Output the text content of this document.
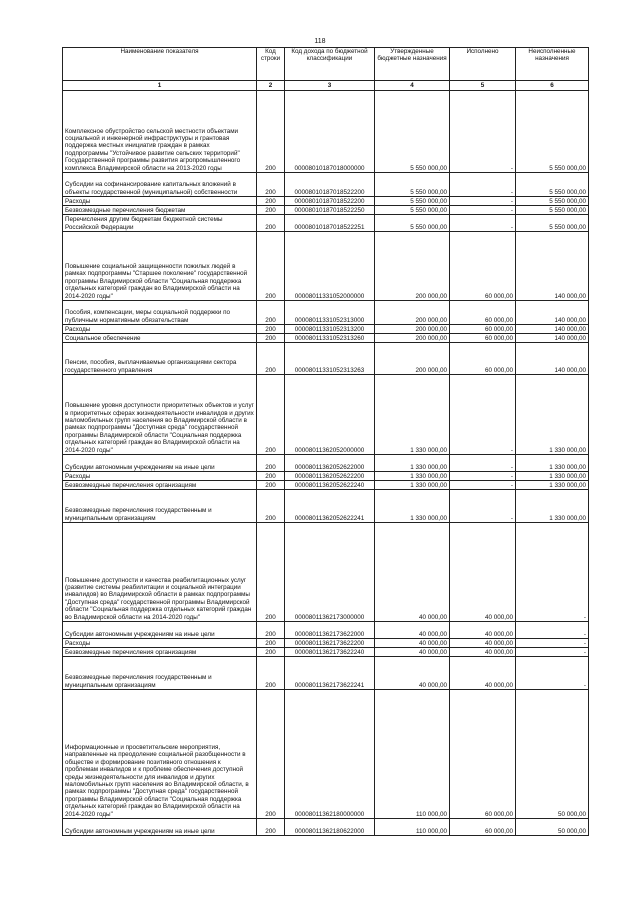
118
Наименование показателя	Код строки	Код дохода по бюджетной классификации	Утвержденные бюджетные назначения	Исполнено	Неисполненные назначения
1	2	3	4	5	6
Комплексное обустройство сельской местности объектами социальной и инженерной инфраструктуры и грантовая поддержка местных инициатив граждан в рамках подпрограммы "Устойчивое развитие сельских территорий" Государственной программы развития агропромышленного комплекса Владимирской области на 2013-2020 годы	200	00008010187018000000	5 550 000,00	-	5 550 000,00
Субсидии на софинансирование капитальных вложений в объекты государственной (муниципальной) собственности	200	00008010187018522200	5 550 000,00	-	5 550 000,00
Расходы	200	00008010187018522200	5 550 000,00	-	5 550 000,00
Безвозмездные перечисления бюджетам	200	00008010187018522250	5 550 000,00	-	5 550 000,00
Перечисления другим бюджетам бюджетной системы Российской Федерации	200	00008010187018522251	5 550 000,00	-	5 550 000,00
Повышение социальной защищенности пожилых людей в рамках подпрограммы "Старшее поколение" государственной программы Владимирской области "Социальная поддержка отдельных категорий граждан во Владимирской области на 2014-2020 годы"	200	00008011331052000000	200 000,00	60 000,00	140 000,00
Пособия, компенсации, меры социальной поддержки по публичным нормативным обязательствам	200	00008011331052313000	200 000,00	60 000,00	140 000,00
Расходы	200	00008011331052313200	200 000,00	60 000,00	140 000,00
Социальное обеспечение	200	00008011331052313260	200 000,00	60 000,00	140 000,00
Пенсии, пособия, выплачиваемые организациями сектора государственного управления	200	00008011331052313263	200 000,00	60 000,00	140 000,00
Повышение уровня доступности приоритетных объектов и услуг в приоритетных сферах жизнедеятельности инвалидов и других маломобильных групп населения во Владимирской области в рамках подпрограммы "Доступная среда" государственной программы Владимирской области "Социальная поддержка отдельных категорий граждан во Владимирской области на 2014-2020 годы"	200	00008011362052000000	1 330 000,00	-	1 330 000,00
Субсидии автономным учреждениям на иные цели	200	00008011362052622000	1 330 000,00	-	1 330 000,00
Расходы	200	00008011362052622200	1 330 000,00	-	1 330 000,00
Безвозмездные перечисления организациям	200	00008011362052622240	1 330 000,00	-	1 330 000,00
Безвозмездные перечисления государственным и муниципальным организациям	200	00008011362052622241	1 330 000,00	-	1 330 000,00
Повышение доступности и качества реабилитационных услуг (развитие системы реабилитации и социальной интеграции инвалидов) во Владимирской области в рамках подпрограммы "Доступная среда" государственной программы Владимирской области "Социальная поддержка отдельных категорий граждан во Владимирской области на 2014-2020 годы"	200	00008011362173000000	40 000,00	40 000,00	-
Субсидии автономным учреждениям на иные цели	200	00008011362173622000	40 000,00	40 000,00	-
Расходы	200	00008011362173622200	40 000,00	40 000,00	-
Безвозмездные перечисления организациям	200	00008011362173622240	40 000,00	40 000,00	-
Безвозмездные перечисления государственным и муниципальным организациям	200	00008011362173622241	40 000,00	40 000,00	-
Информационные и просветительские мероприятия, направленные на преодоление социальной разобщенности в обществе и формирование позитивного отношения к проблемам инвалидов и к проблеме обеспечения доступной среды жизнедеятельности для инвалидов и других маломобильных групп населения во Владимирской области, в рамках подпрограммы "Доступная среда" государственной программы Владимирской области "Социальная поддержка отдельных категорий граждан во Владимирской области на 2014-2020 годы"	200	00008011362180000000	110 000,00	60 000,00	50 000,00
Субсидии автономным учреждениям на иные цели	200	00008011362180622000	110 000,00	60 000,00	50 000,00
